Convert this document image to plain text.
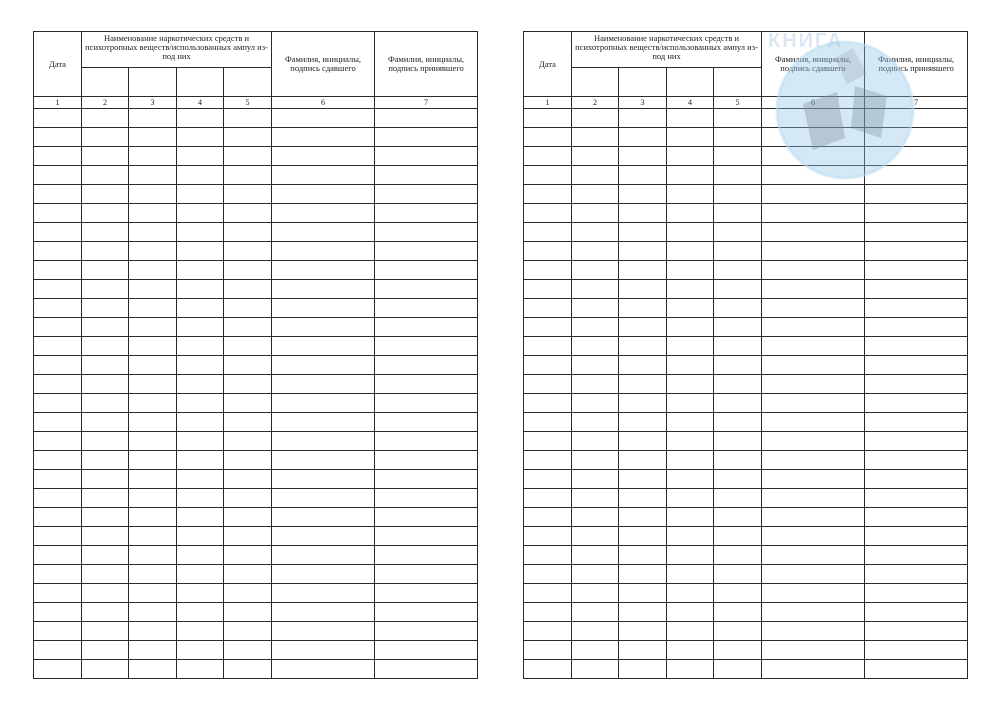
Дата	Наименование наркотических средств и психотропных веществ/использованных ампул из-под них				Фамилия, инициалы, подпись сдавшего	Фамилия, инициалы, подпись принявшего

1	2	3	4	5	6	7

Дата	Наименование наркотических средств и психотропных веществ/использованных ампул из-под них				Фамилия, инициалы, подпись сдавшего	Фамилия, инициалы, подпись принявшего

1	2	3	4	5	6	7

КНИГА
